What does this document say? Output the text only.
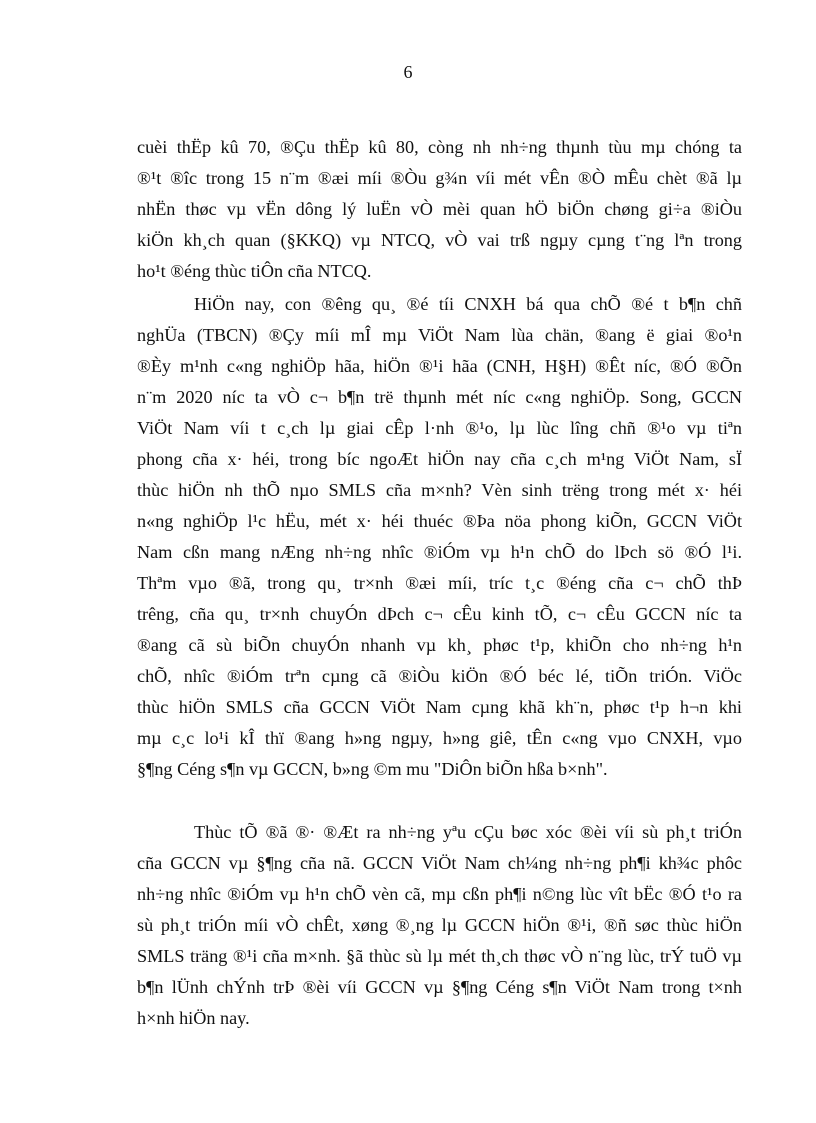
6
cuèi thËp kû 70, ®Çu thËp kû 80, còng nh nh÷ng thµnh tùu mµ chóng ta
®¹t ®îc trong 15 n¨m ®æi míi ®Òu g¾n víi mét vÊn ®Ò mÊu chèt ®ã lµ
nhËn thøc vµ vËn dông lý luËn vÒ mèi quan hÖ biÖn chøng gi÷a ®iÒu
kiÖn kh¸ch quan (§KKQ) vµ NTCQ, vÒ vai trß ngµy cµng t¨ng lªn trong
ho¹t ®éng thùc tiÔn cña NTCQ.
HiÖn nay, con ®êng qu¸ ®é tíi CNXH bá qua chÕ ®é t b¶n chñ
nghÜa (TBCN) ®Çy míi mÎ mµ ViÖt Nam lùa chän, ®ang ë giai ®o¹n
®Èy m¹nh c«ng nghiÖp hãa, hiÖn ®¹i hãa (CNH, H§H) ®Êt níc, ®Ó ®Õn
n¨m 2020 níc ta vÒ c¬ b¶n trë thµnh mét níc c«ng nghiÖp. Song, GCCN
ViÖt Nam víi t c¸ch lµ giai cÊp l·nh ®¹o, lµ lùc lîng chñ ®¹o vµ tiªn
phong cña x· héi, trong bíc ngoÆt hiÖn nay cña c¸ch m¹ng ViÖt Nam, sÏ
thùc hiÖn nh thÕ nµo SMLS cña m×nh? Vèn sinh trëng trong mét x· héi
n«ng nghiÖp l¹c hËu, mét x· héi thuéc ®Þa nöa phong kiÕn, GCCN ViÖt
Nam cßn mang nÆng nh÷ng nhîc ®iÓm vµ h¹n chÕ do lÞch sö ®Ó l¹i.
Thªm vµo ®ã, trong qu¸ tr×nh ®æi míi, tríc t¸c ®éng cña c¬ chÕ thÞ
trêng, cña qu¸ tr×nh chuyÓn dÞch c¬ cÊu kinh tÕ, c¬ cÊu GCCN níc ta
®ang cã sù biÕn chuyÓn nhanh vµ kh¸ phøc t¹p, khiÕn cho nh÷ng h¹n
chÕ, nhîc ®iÓm trªn cµng cã ®iÒu kiÖn ®Ó béc lé, tiÕn triÓn. ViÖc
thùc hiÖn SMLS cña GCCN ViÖt Nam cµng khã kh¨n, phøc t¹p h¬n khi
mµ c¸c lo¹i kÎ thï ®ang h»ng ngµy, h»ng giê, tÊn c«ng vµo CNXH, vµo
§¶ng Céng s¶n vµ GCCN, b»ng ©m mu "DiÔn biÕn hßa b×nh".
Thùc tÕ ®ã ®· ®Æt ra nh÷ng yªu cÇu bøc xóc ®èi víi sù ph¸t triÓn
cña GCCN vµ §¶ng cña nã. GCCN ViÖt Nam ch¼ng nh÷ng ph¶i kh¾c phôc
nh÷ng nhîc ®iÓm vµ h¹n chÕ vèn cã, mµ cßn ph¶i n©ng lùc vît bËc ®Ó t¹o ra
sù ph¸t triÓn míi vÒ chÊt, xøng ®¸ng lµ GCCN hiÖn ®¹i, ®ñ søc thùc hiÖn
SMLS träng ®¹i cña m×nh. §ã thùc sù lµ mét th¸ch thøc vÒ n¨ng lùc, trÝ tuÖ vµ
b¶n lÜnh chÝnh trÞ ®èi víi GCCN vµ §¶ng Céng s¶n ViÖt Nam trong t×nh
h×nh hiÖn nay.
